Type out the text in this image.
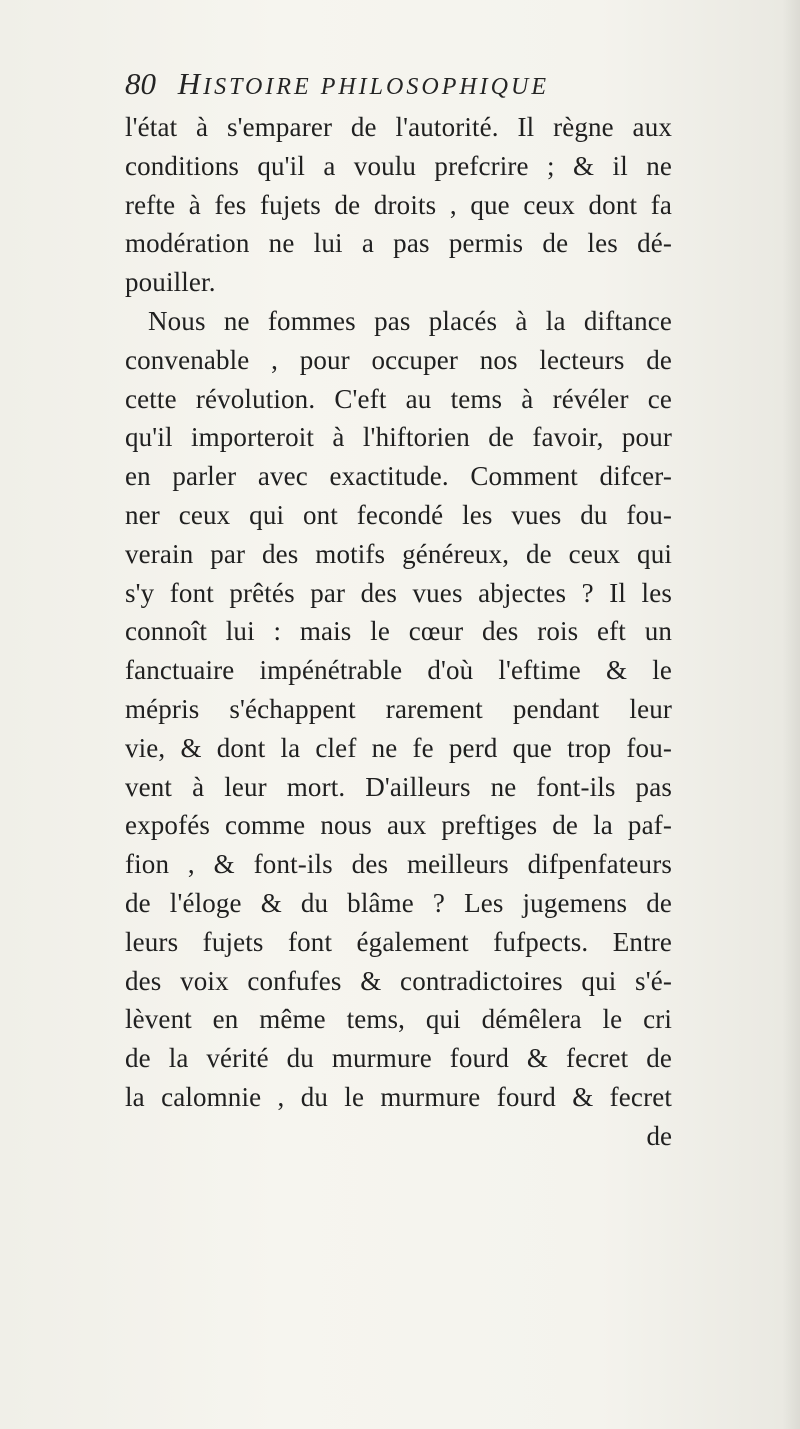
80 HISTOIRE PHILOSOPHIQUE
l'état à s'emparer de l'autorité. Il règne aux
conditions qu'il a voulu prefcrire ; & il ne
refte à fes fujets de droits , que ceux dont fa
modération ne lui a pas permis de les dé-
pouiller.
Nous ne fommes pas placés à la diftance
convenable , pour occuper nos lecteurs de
cette révolution. C'eft au tems à révéler ce
qu'il importeroit à l'hiftorien de favoir, pour
en parler avec exactitude. Comment difcer-
ner ceux qui ont fecondé les vues du fou-
verain par des motifs généreux, de ceux qui
s'y font prêtés par des vues abjectes ? Il les
connoît lui : mais le cœur des rois eft un
fanctuaire impénétrable d'où l'eftime & le
mépris s'échappent rarement pendant leur
vie, & dont la clef ne fe perd que trop fou-
vent à leur mort. D'ailleurs ne font-ils pas
expofés comme nous aux preftiges de la paf-
fion , & font-ils des meilleurs difpenfateurs
de l'éloge & du blâme ? Les jugemens de
leurs fujets font également fufpects. Entre
des voix confufes & contradictoires qui s'é-
lèvent en même tems, qui démêlera le cri
de la vérité du murmure fourd & fecret de
la calomnie , du le murmure fourd & fecret
de
